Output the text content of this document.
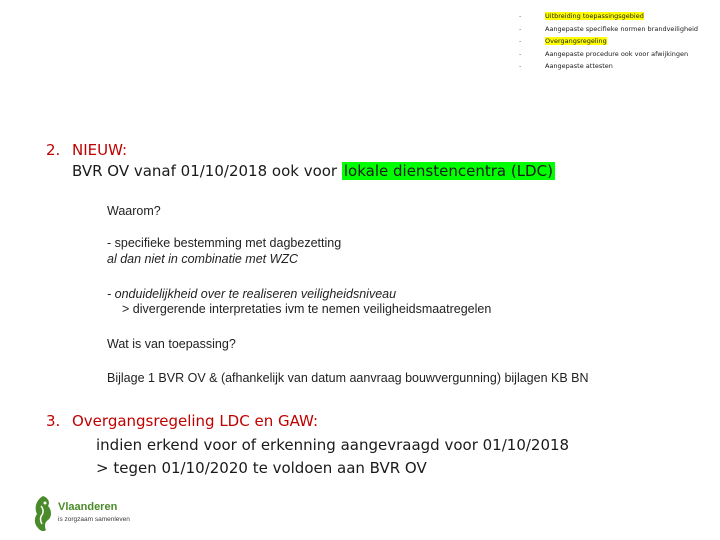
-	Uitbreiding toepassingsgebied
-	Aangepaste specifieke normen brandveiligheid
-	Overgangsregeling
-	Aangepaste procedure ook voor afwijkingen
-	Aangepaste attesten
2. NIEUW:
BVR OV vanaf 01/10/2018 ook voor lokale dienstencentra (LDC)
Waarom?
- specifieke bestemming met dagbezetting
al dan niet in combinatie met WZC
- onduidelijkheid over te realiseren veiligheidsniveau
> divergerende interpretaties ivm te nemen veiligheidsmaatregelen
Wat is van toepassing?
Bijlage 1 BVR OV & (afhankelijk van datum aanvraag bouwvergunning) bijlagen KB BN
3. Overgangsregeling LDC en GAW:
indien erkend voor of erkenning aangevraagd voor 01/10/2018
> tegen 01/10/2020 te voldoen aan BVR OV
Vlaanderen
is zorgzaam samenleven
